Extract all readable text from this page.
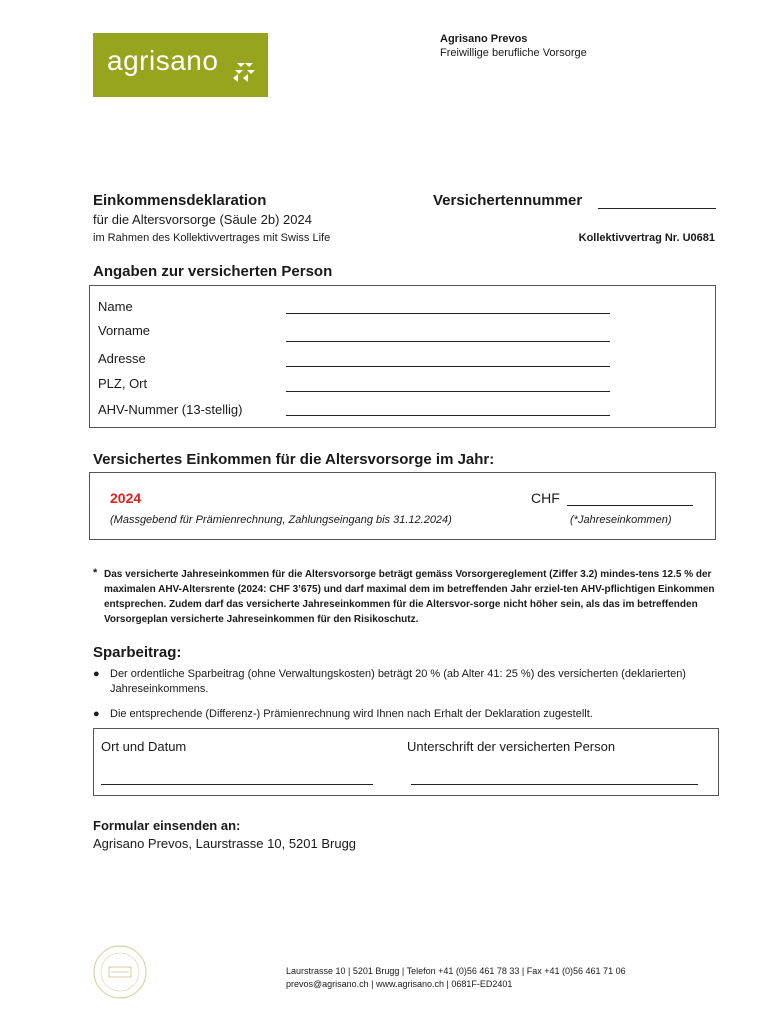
agrisano
Agrisano Prevos
Freiwillige berufliche Vorsorge
Einkommensdeklaration
für die Altersvorsorge (Säule 2b) 2024
im Rahmen des Kollektivvertrages mit Swiss Life
Versichertennummer
Kollektivvertrag Nr. U0681
Angaben zur versicherten Person
Name
Vorname
Adresse
PLZ, Ort
AHV-Nummer (13-stellig)
Versichertes Einkommen für die Altersvorsorge im Jahr:
2024	CHF
(Massgebend für Prämienrechnung, Zahlungseingang bis 31.12.2024)	(*Jahreseinkommen)
* Das versicherte Jahreseinkommen für die Altersvorsorge beträgt gemäss Vorsorgereglement (Ziffer 3.2) mindes-tens 12.5 % der maximalen AHV-Altersrente (2024: CHF 3’675) und darf maximal dem im betreffenden Jahr erziel-ten AHV-pflichtigen Einkommen entsprechen. Zudem darf das versicherte Jahreseinkommen für die Altersvor-sorge nicht höher sein, als das im betreffenden Vorsorgeplan versicherte Jahreseinkommen für den Risikoschutz.
Sparbeitrag:
● Der ordentliche Sparbeitrag (ohne Verwaltungskosten) beträgt 20 % (ab Alter 41: 25 %) des versicherten (deklarierten) Jahreseinkommens.
● Die entsprechende (Differenz-) Prämienrechnung wird Ihnen nach Erhalt der Deklaration zugestellt.
Ort und Datum	Unterschrift der versicherten Person
Formular einsenden an:
Agrisano Prevos, Laurstrasse 10, 5201 Brugg
Laurstrasse 10 | 5201 Brugg | Telefon +41 (0)56 461 78 33 | Fax +41 (0)56 461 71 06
prevos@agrisano.ch | www.agrisano.ch | 0681F-ED2401
